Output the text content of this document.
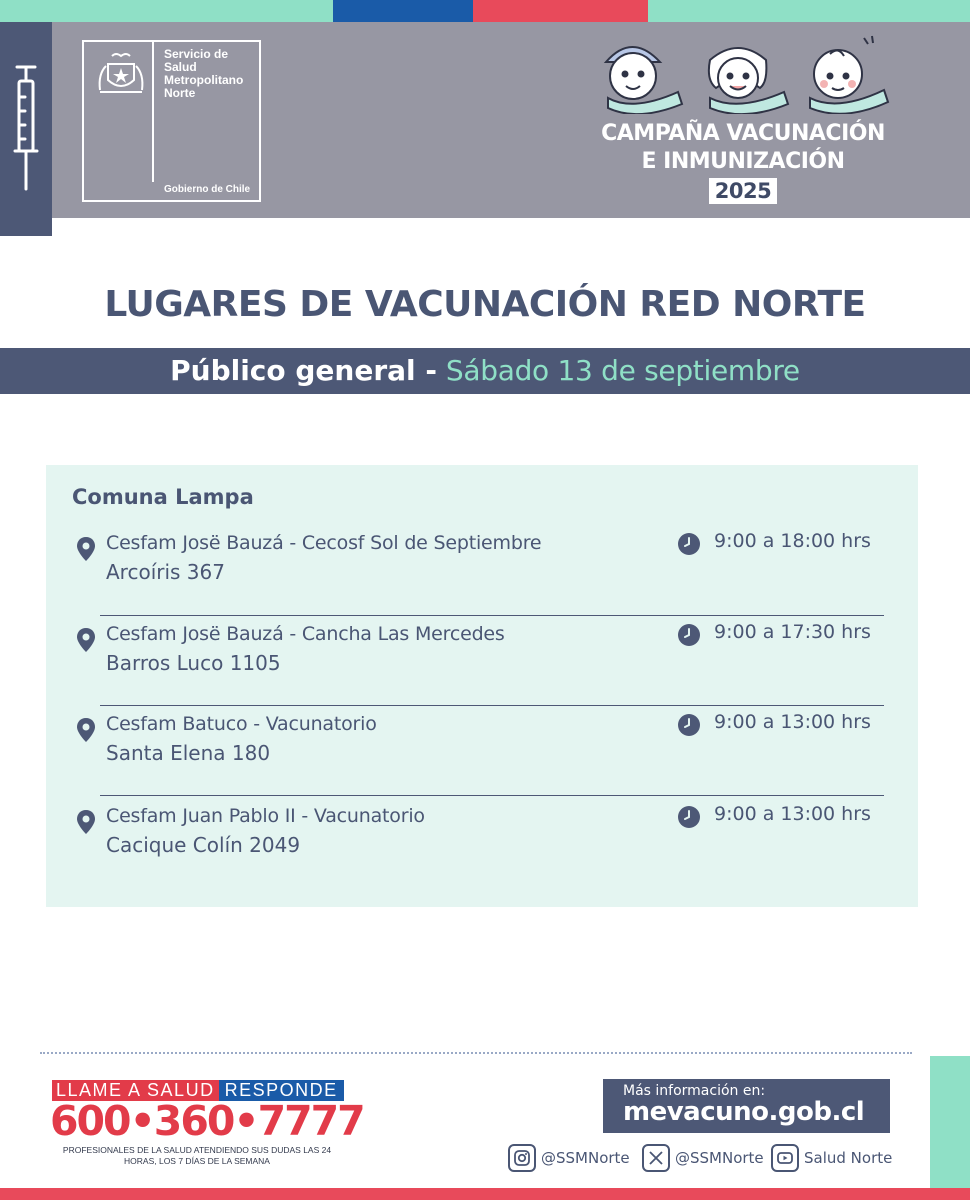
Servicio de Salud Metropolitano Norte
Gobierno de Chile
CAMPAÑA VACUNACIÓN
E INMUNIZACIÓN
2025
LUGARES DE VACUNACIÓN RED NORTE
Público general - Sábado 13 de septiembre
Comuna Lampa
Cesfam Josë Bauzá - Cecosf Sol de Septiembre
Arcoíris 367
9:00 a 18:00 hrs
Cesfam Josë Bauzá - Cancha Las Mercedes
Barros Luco 1105
9:00 a 17:30 hrs
Cesfam Batuco - Vacunatorio
Santa Elena 180
9:00 a 13:00 hrs
Cesfam Juan Pablo II - Vacunatorio
Cacique Colín 2049
9:00 a 13:00 hrs
LLAME A SALUD RESPONDE
600•360•7777
PROFESIONALES DE LA SALUD ATENDIENDO SUS DUDAS LAS 24 HORAS, LOS 7 DÍAS DE LA SEMANA
Más información en:
mevacuno.gob.cl
@SSMNorte	@SSMNorte	Salud Norte
